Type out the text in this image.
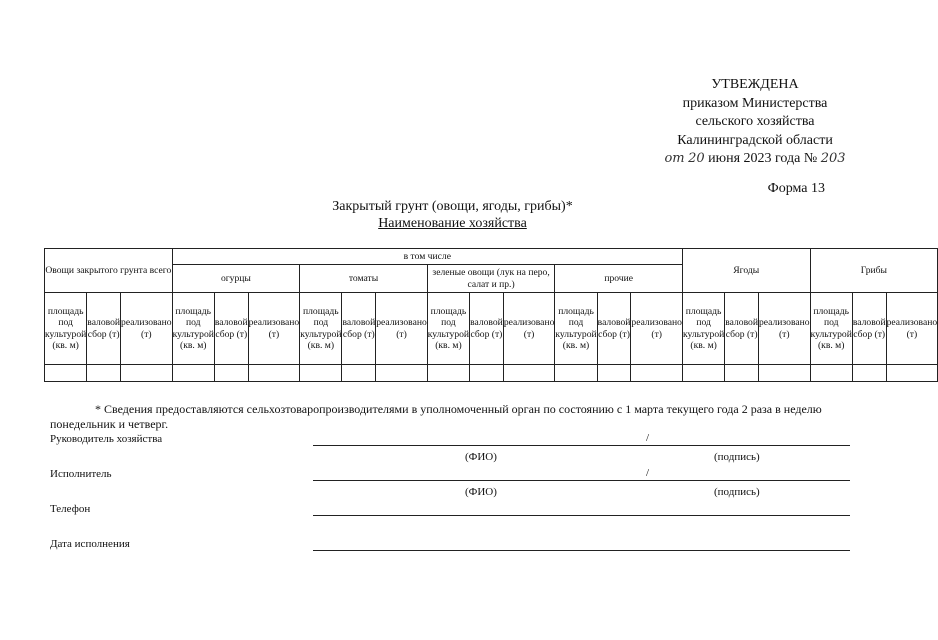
УТВЕЖДЕНА
приказом Министерства
сельского хозяйства
Калининградской области
от 20 июня 2023 года № 203
Форма 13
Закрытый грунт (овощи, ягоды, грибы)*
Наименование хозяйства
Овощи закрытого грунта всего			в том числе												Ягоды			Грибы		
			огурцы			томаты			зеленые овощи (лук на перо, салат и пр.)			прочие								
площадь под культурой (кв. м)	валовой сбор (т)	реализовано (т)	площадь под культурой (кв. м)	валовой сбор (т)	реализовано (т)	площадь под культурой (кв. м)	валовой сбор (т)	реализовано (т)	площадь под культурой (кв. м)	валовой сбор (т)	реализовано (т)	площадь под культурой (кв. м)	валовой сбор (т)	реализовано (т)	площадь под культурой (кв. м)	валовой сбор (т)	реализовано (т)	площадь под культурой (кв. м)	валовой сбор (т)	реализовано (т)

* Сведения предоставляются сельхозтоваропроизводителями в уполномоченный орган по состоянию с 1 марта текущего года 2 раза в неделю понедельник и четверг.
Руководитель хозяйства	/
(ФИО)	(подпись)
Исполнитель	/
(ФИО)	(подпись)
Телефон
Дата исполнения
